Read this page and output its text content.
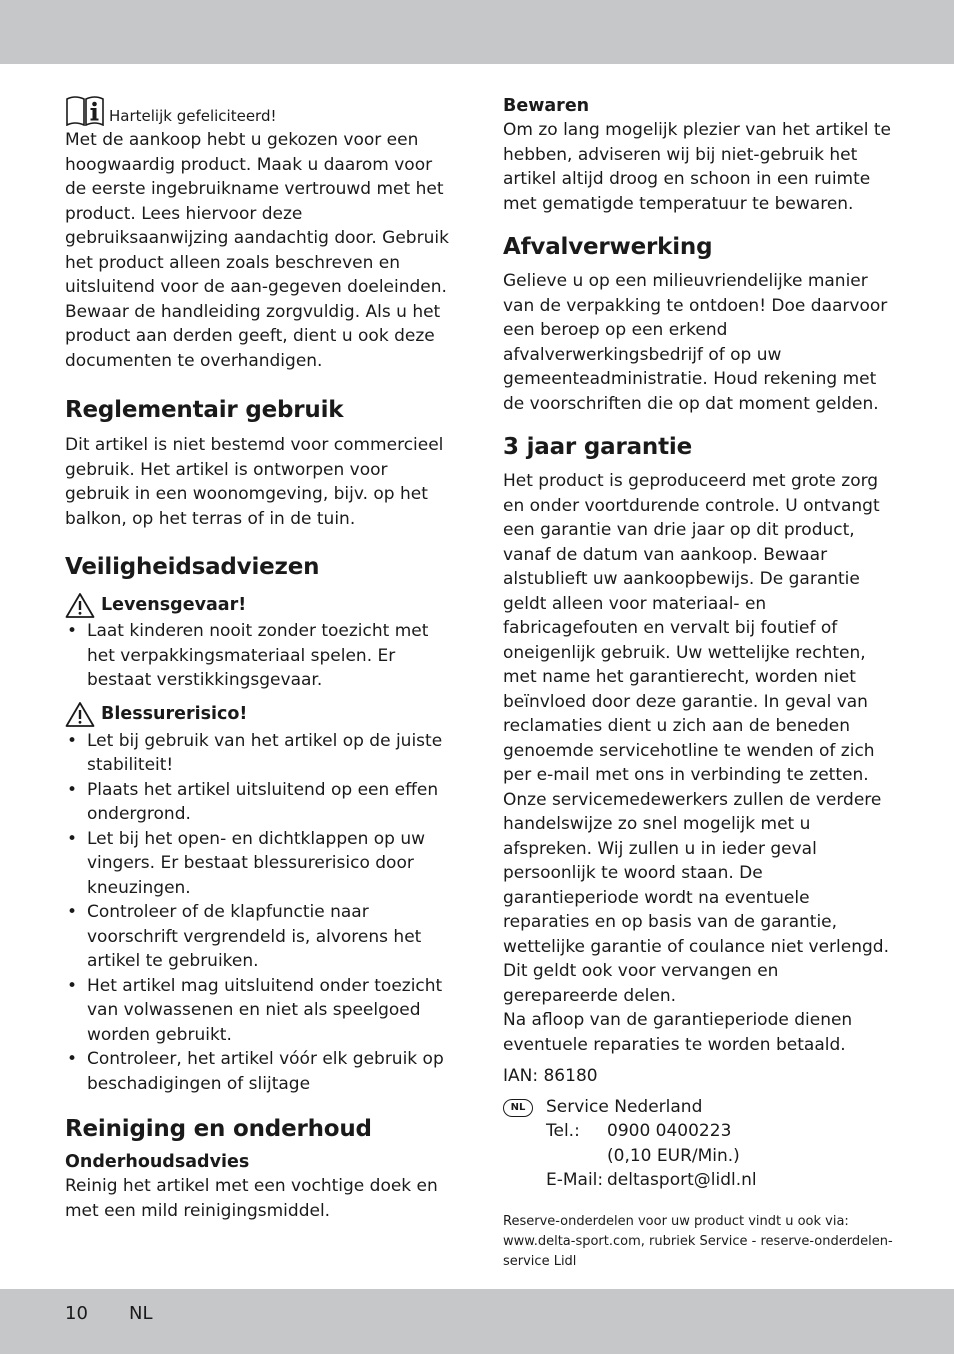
Hartelijk gefeliciteerd!

Met de aankoop hebt u gekozen voor een hoogwaardig product. Maak u daarom voor de eerste ingebruikname vertrouwd met het product. Lees hiervoor deze gebruiksaanwijzing aandachtig door. Gebruik het product alleen zoals beschreven en uitsluitend voor de aan-gegeven doeleinden. Bewaar de handleiding zorgvuldig. Als u het product aan derden geeft, dient u ook deze documenten te overhandigen.

Reglementair gebruik

Dit artikel is niet bestemd voor commercieel gebruik. Het artikel is ontworpen voor gebruik in een woonomgeving, bijv. op het balkon, op het terras of in de tuin.

Veiligheidsadviezen
Levensgevaar!
• Laat kinderen nooit zonder toezicht met het verpakkingsmateriaal spelen. Er bestaat verstikkingsgevaar.
Blessurerisico!
• Let bij gebruik van het artikel op de juiste stabiliteit!
• Plaats het artikel uitsluitend op een effen ondergrond.
• Let bij het open- en dichtklappen op uw vingers. Er bestaat blessurerisico door kneuzingen.
• Controleer of de klapfunctie naar voorschrift vergrendeld is, alvorens het artikel te gebruiken.
• Het artikel mag uitsluitend onder toezicht van volwassenen en niet als speelgoed worden gebruikt.
• Controleer, het artikel vóór elk gebruik op beschadigingen of slijtage
Reiniging en onderhoud
Onderhoudsadvies

Reinig het artikel met een vochtige doek en met een mild reinigingsmiddel.

Bewaren

Om zo lang mogelijk plezier van het artikel te hebben, adviseren wij bij niet-gebruik het artikel altijd droog en schoon in een ruimte met gematigde temperatuur te bewaren.

Afvalverwerking

Gelieve u op een milieuvriendelijke manier van de verpakking te ontdoen! Doe daarvoor een beroep op een erkend afvalverwerkingsbedrijf of op uw gemeenteadministratie. Houd rekening met de voorschriften die op dat moment gelden.

3 jaar garantie

Het product is geproduceerd met grote zorg en onder voortdurende controle. U ontvangt een garantie van drie jaar op dit product, vanaf de datum van aankoop. Bewaar alstublieft uw aankoopbewijs. De garantie geldt alleen voor materiaal- en fabricagefouten en vervalt bij foutief of oneigenlijk gebruik. Uw wettelijke rechten, met name het garantierecht, worden niet beïnvloed door deze garantie. In geval van reclamaties dient u zich aan de beneden genoemde servicehotline te wenden of zich per e-mail met ons in verbinding te zetten.

Onze servicemedewerkers zullen de verdere handelswijze zo snel mogelijk met u afspreken. Wij zullen u in ieder geval persoonlijk te woord staan. De garantieperiode wordt na eventuele reparaties en op basis van de garantie, wettelijke garantie of coulance niet verlengd. Dit geldt ook voor vervangen en gerepareerde delen.

Na afloop van de garantieperiode dienen eventuele reparaties te worden betaald.

IAN: 86180

NL	Service Nederland
Tel.:	0900 0400223
(0,10 EUR/Min.)
E-Mail: deltasport@lidl.nl

Reserve-onderdelen voor uw product vindt u ook via: www.delta-sport.com, rubriek Service - reserve-onderdelen-service Lidl

10 NL
